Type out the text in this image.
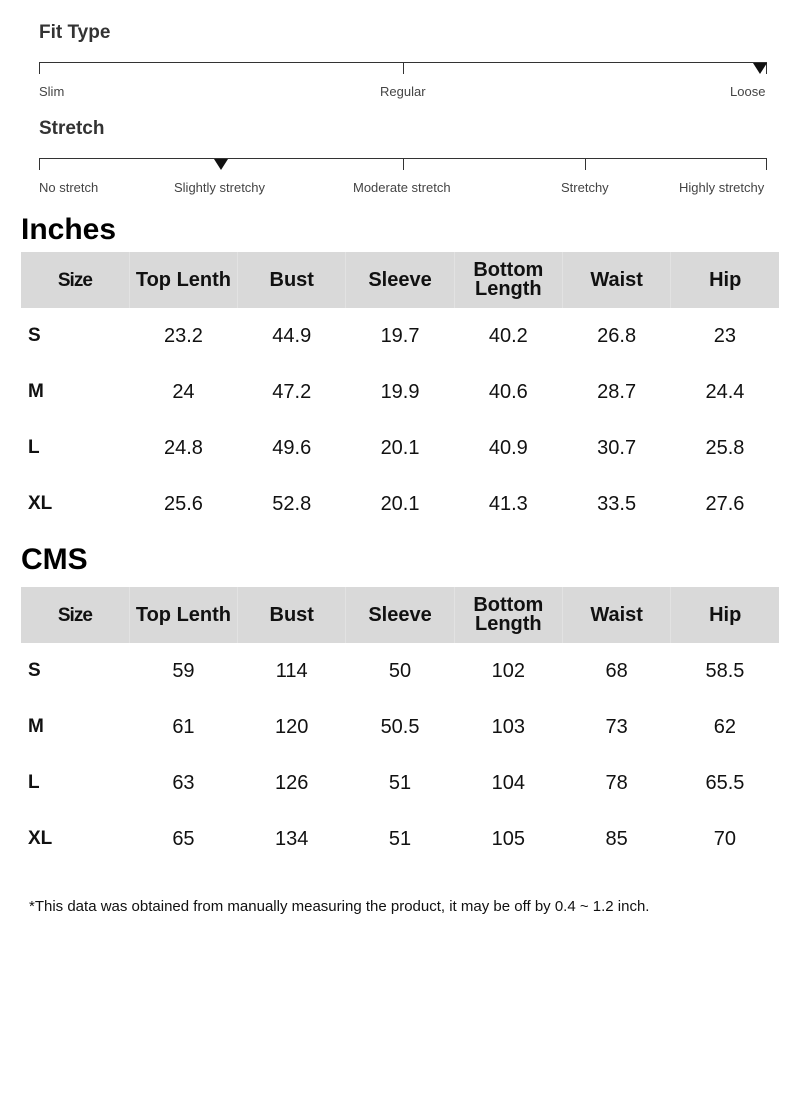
Fit Type
Slim	Regular	Loose
Stretch
No stretch	Slightly stretchy	Moderate stretch	Stretchy	Highly stretchy
Inches
Size	Top Lenth	Bust	Sleeve	Bottom Length	Waist	Hip
S	23.2	44.9	19.7	40.2	26.8	23
M	24	47.2	19.9	40.6	28.7	24.4
L	24.8	49.6	20.1	40.9	30.7	25.8
XL	25.6	52.8	20.1	41.3	33.5	27.6
CMS
Size	Top Lenth	Bust	Sleeve	Bottom Length	Waist	Hip
S	59	114	50	102	68	58.5
M	61	120	50.5	103	73	62
L	63	126	51	104	78	65.5
XL	65	134	51	105	85	70
*This data was obtained from manually measuring the product, it may be off by 0.4 ~ 1.2 inch.
